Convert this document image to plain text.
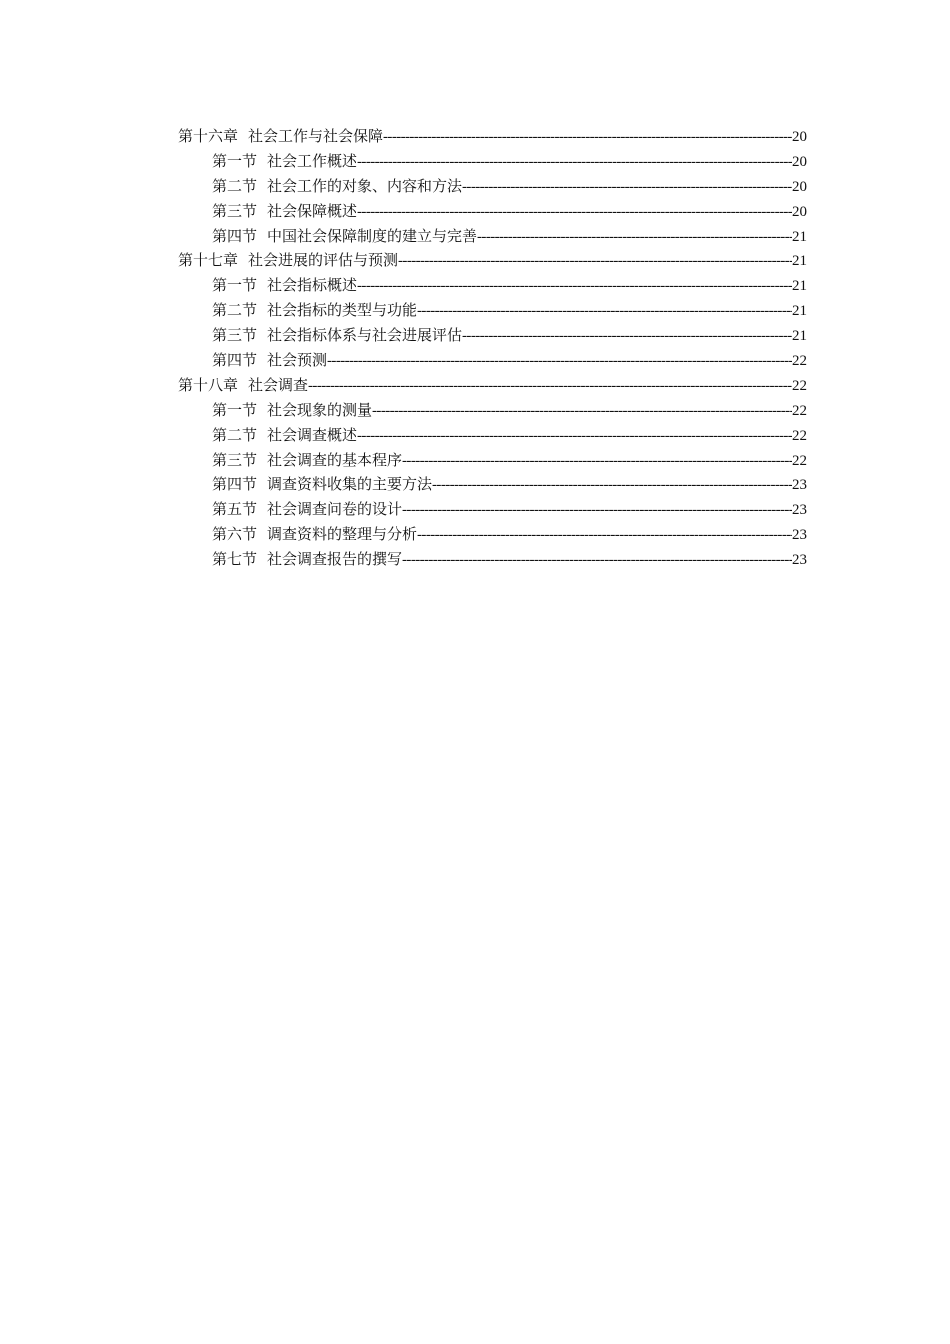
第十六章 社会工作与社会保障 -----	20
第一节 社会工作概述 -----	20
第二节 社会工作的对象、内容和方法 -----	20
第三节 社会保障概述 -----	20
第四节 中国社会保障制度的建立与完善 -----	21
第十七章 社会进展的评估与预测 -----	21
第一节 社会指标概述 -----	21
第二节 社会指标的类型与功能 -----	21
第三节 社会指标体系与社会进展评估 -----	21
第四节 社会预测 -----	22
第十八章 社会调查 -----	22
第一节 社会现象的测量 -----	22
第二节 社会调查概述 -----	22
第三节 社会调查的基本程序 -----	22
第四节 调查资料收集的主要方法 -----	23
第五节 社会调查问卷的设计 -----	23
第六节 调查资料的整理与分析 -----	23
第七节 社会调查报告的撰写 -----	23
